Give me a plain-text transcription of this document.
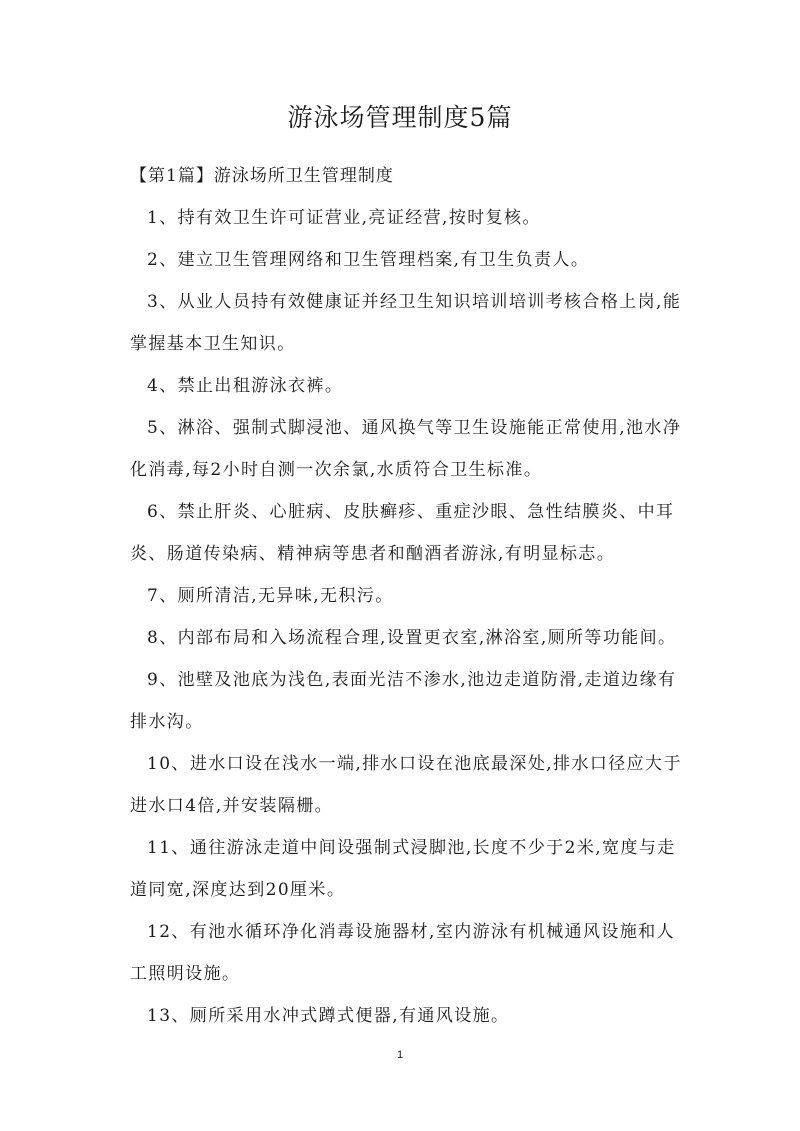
游泳场管理制度5篇

【第1篇】游泳场所卫生管理制度

1、持有效卫生许可证营业,亮证经营,按时复核。

2、建立卫生管理网络和卫生管理档案,有卫生负责人。

3、从业人员持有效健康证并经卫生知识培训培训考核合格上岗,能掌握基本卫生知识。

4、禁止出租游泳衣裤。

5、淋浴、强制式脚浸池、通风换气等卫生设施能正常使用,池水净化消毒,每2小时自测一次余氯,水质符合卫生标准。

6、禁止肝炎、心脏病、皮肤癣疹、重症沙眼、急性结膜炎、中耳炎、肠道传染病、精神病等患者和酗酒者游泳,有明显标志。

7、厕所清洁,无异味,无积污。

8、内部布局和入场流程合理,设置更衣室,淋浴室,厕所等功能间。

9、池壁及池底为浅色,表面光洁不渗水,池边走道防滑,走道边缘有排水沟。

10、进水口设在浅水一端,排水口设在池底最深处,排水口径应大于进水口4倍,并安装隔栅。

11、通往游泳走道中间设强制式浸脚池,长度不少于2米,宽度与走道同宽,深度达到20厘米。

12、有池水循环净化消毒设施器材,室内游泳有机械通风设施和人工照明设施。

13、厕所采用水冲式蹲式便器,有通风设施。

1
